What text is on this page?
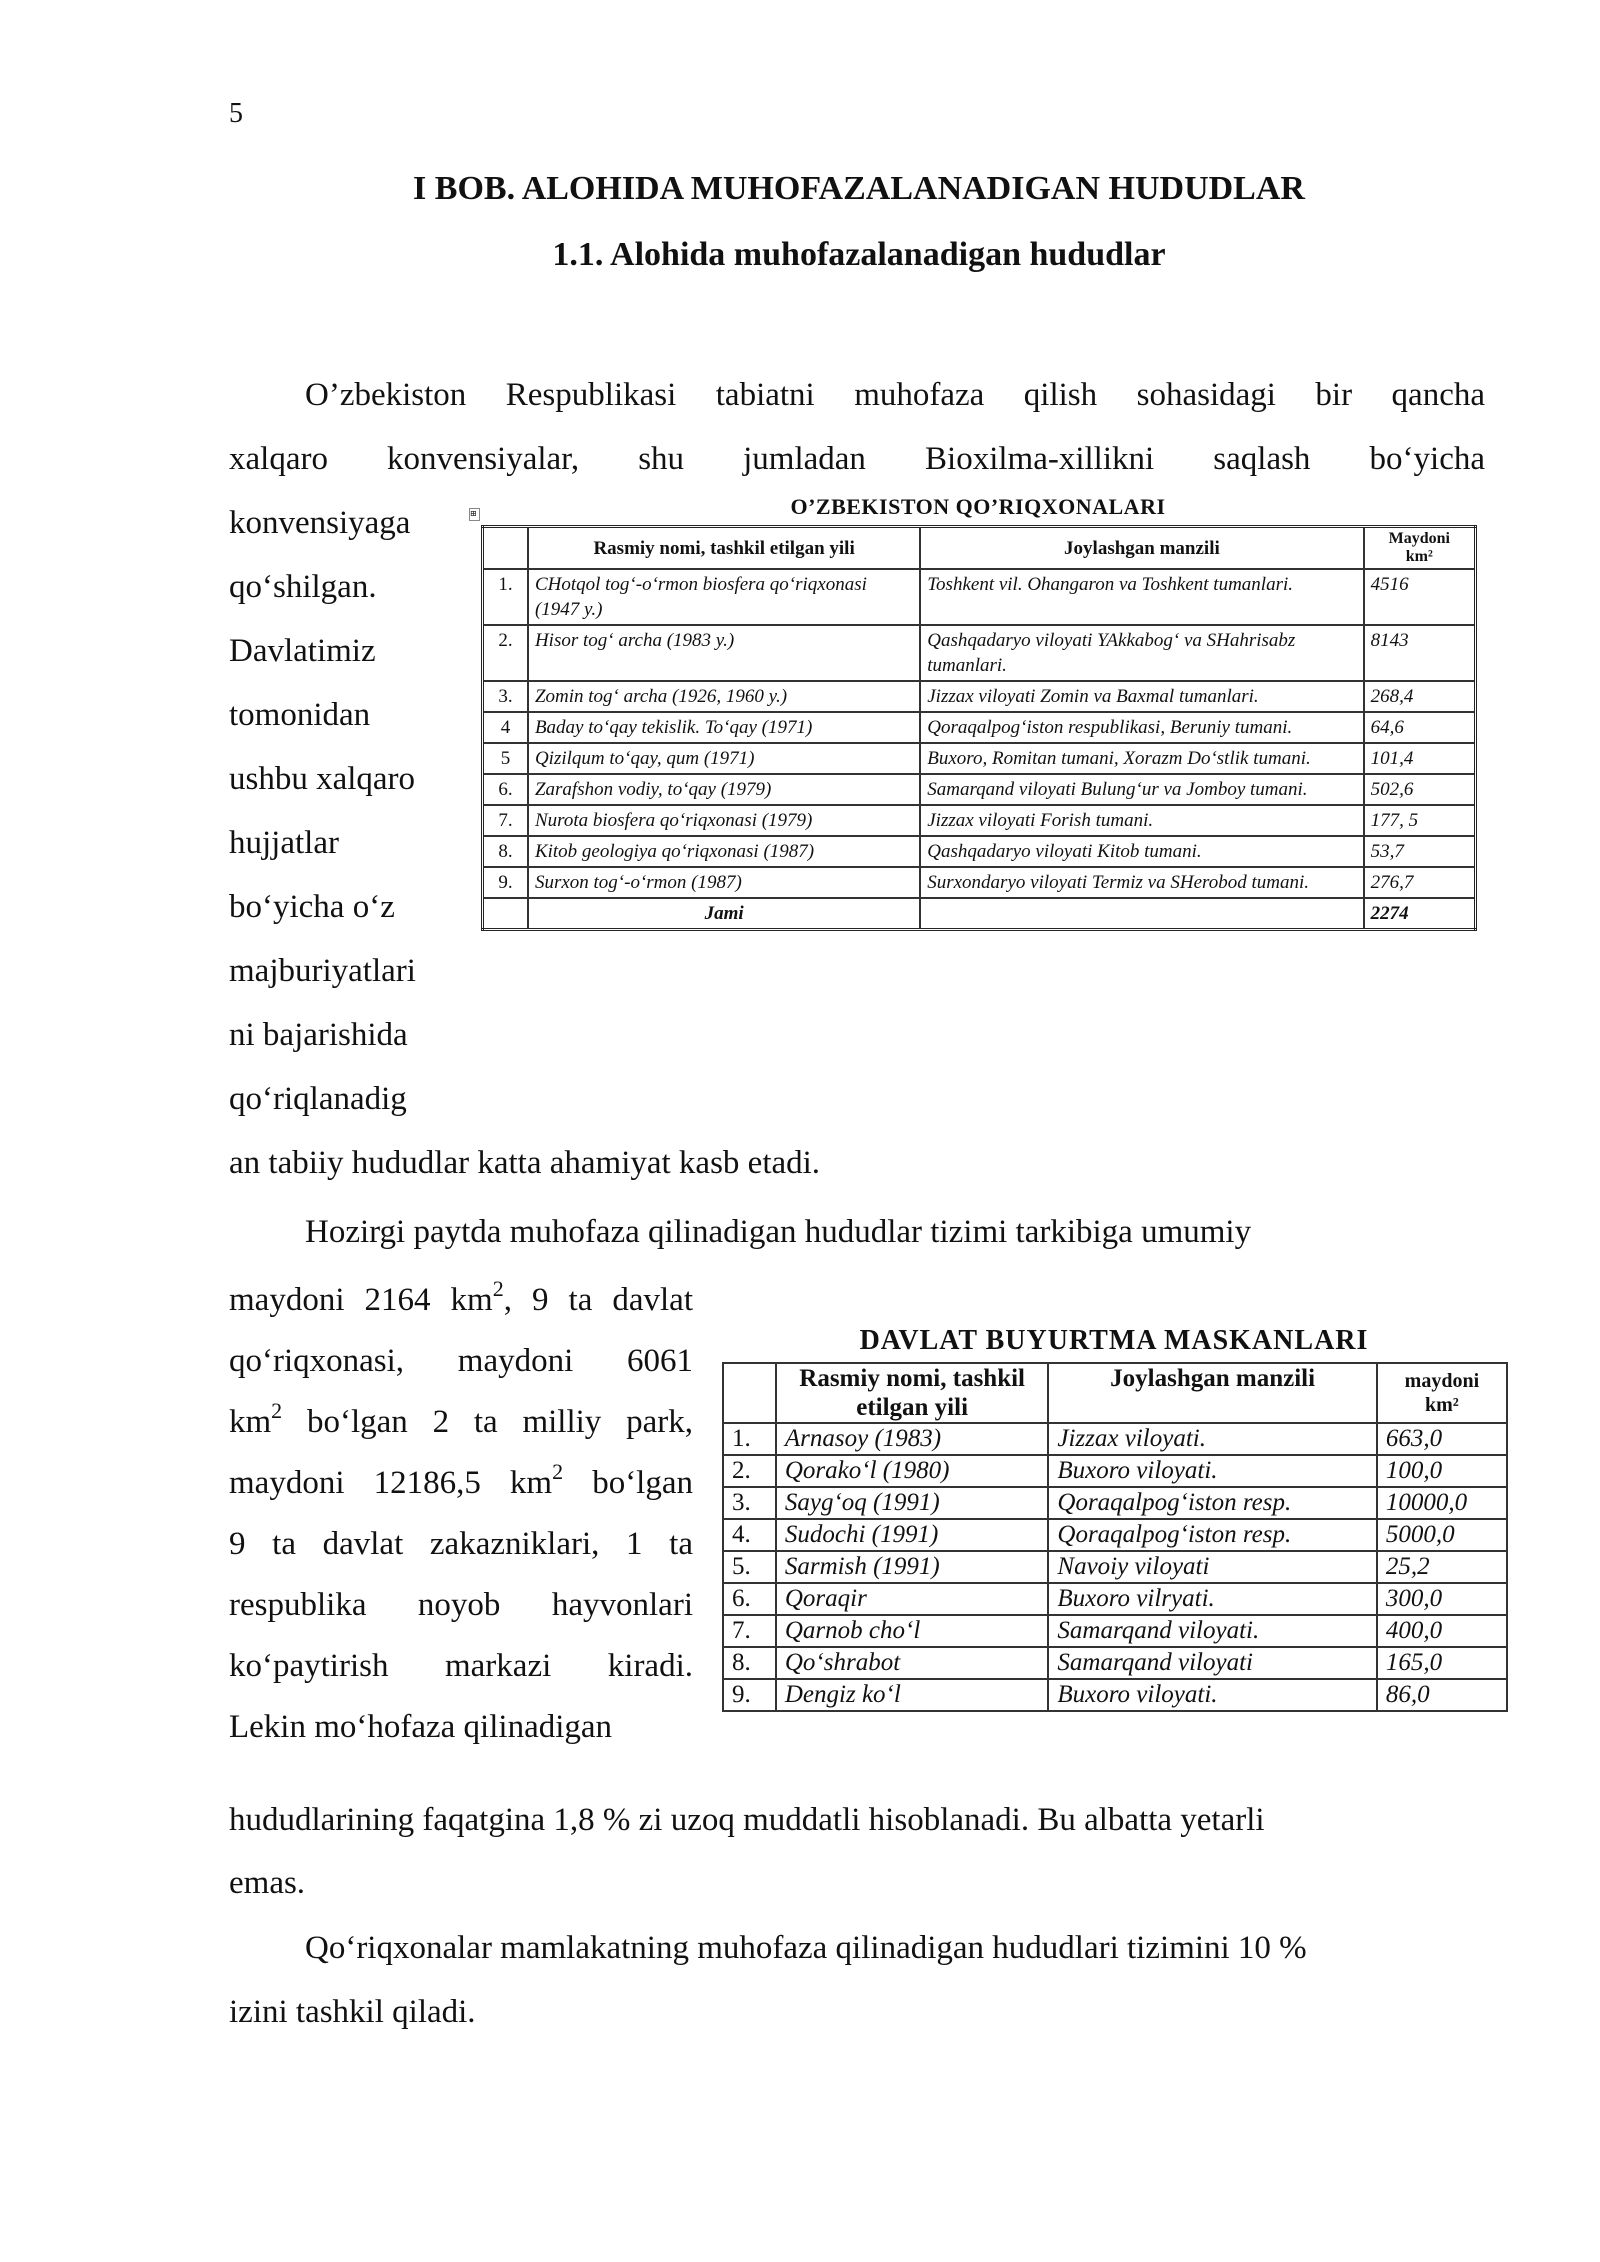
5
I BOB. ALOHIDA MUHOFAZALANADIGAN HUDUDLAR
1.1. Alohida muhofazalanadigan hududlar
O’zbekiston Respublikasi tabiatni muhofaza qilish sohasidagi bir qancha
xalqaro konvensiyalar, shu jumladan Bioxilma-xillikni saqlash bo‘yicha
konvensiyaga
qo‘shilgan.
Davlatimiz
tomonidan
ushbu xalqaro
hujjatlar
bo‘yicha o‘z
majburiyatlari
ni bajarishida
qo‘riqlanadig
an tabiiy hududlar katta ahamiyat kasb etadi.
⊞	O’ZBEKISTON QO’RIQXONALARI
	Rasmiy nomi, tashkil etilgan yili	Joylashgan manzili	Maydoni
km²

1.	CHotqol tog‘-o‘rmon biosfera qo‘riqxonasi (1947 y.)	Toshkent vil. Ohangaron va Toshkent tumanlari.	4516
2.	Hisor tog‘ archa (1983 y.)	Qashqadaryo viloyati YAkkabog‘ va SHahrisabz tumanlari.	8143
3.	Zomin tog‘ archa (1926, 1960 y.)	Jizzax viloyati Zomin va Baxmal tumanlari.	268,4
4	Baday to‘qay tekislik. To‘qay (1971)	Qoraqalpog‘iston respublikasi, Beruniy tumani.	64,6
5	Qizilqum to‘qay, qum (1971)	Buxoro, Romitan tumani, Xorazm Do‘stlik tumani.	101,4
6.	Zarafshon vodiy, to‘qay (1979)	Samarqand viloyati Bulung‘ur va Jomboy tumani.	502,6
7.	Nurota biosfera qo‘riqxonasi (1979)	Jizzax viloyati Forish tumani.	177, 5
8.	Kitob geologiya qo‘riqxonasi (1987)	Qashqadaryo viloyati Kitob tumani.	53,7
9.	Surxon tog‘-o‘rmon (1987)	Surxondaryo viloyati Termiz va SHerobod tumani.	276,7
	Jami		2274
Hozirgi paytda muhofaza qilinadigan hududlar tizimi tarkibiga umumiy
maydoni 2164 $km^2$, 9 ta davlat
qo‘riqxonasi, maydoni 6061
$km^2$ bo‘lgan 2 ta milliy park,
maydoni 12186,5 $km^2$ bo‘lgan
9 ta davlat zakazniklari, 1 ta
respublika noyob hayvonlari
ko‘paytirish markazi kiradi.
Lekin mo‘hofaza qilinadigan
hududlarining faqatgina 1,8 % zi uzoq muddatli hisoblanadi. Bu albatta yetarli
emas.
DAVLAT BUYURTMA MASKANLARI
	Rasmiy nomi, tashkil etilgan yili	Joylashgan manzili	maydoni
km²

1.	Arnasoy (1983)	Jizzax viloyati.	663,0
2.	Qorako‘l (1980)	Buxoro viloyati.	100,0
3.	Sayg‘oq (1991)	Qoraqalpog‘iston resp.	10000,0
4.	Sudochi (1991)	Qoraqalpog‘iston resp.	5000,0
5.	Sarmish (1991)	Navoiy viloyati	25,2
6.	Qoraqir	Buxoro vilryati.	300,0
7.	Qarnob cho‘l	Samarqand viloyati.	400,0
8.	Qo‘shrabot	Samarqand viloyati	165,0
9.	Dengiz ko‘l	Buxoro viloyati.	86,0
Qo‘riqxonalar mamlakatning muhofaza qilinadigan hududlari tizimini 10 %
izini tashkil qiladi.
